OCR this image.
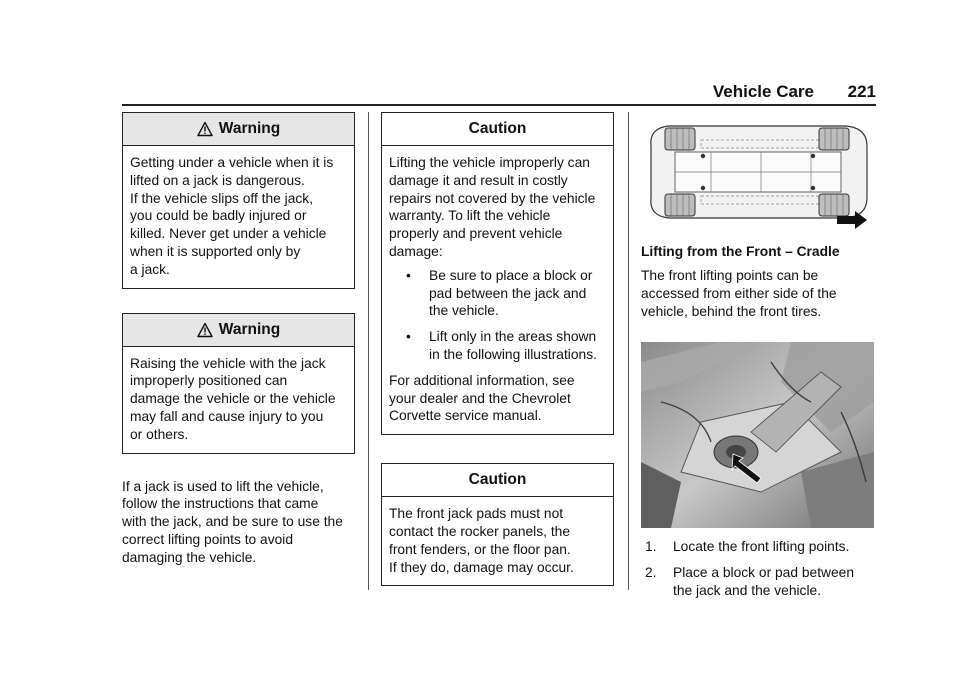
Vehicle Care 221
Warning

Getting under a vehicle when it is
lifted on a jack is dangerous.
If the vehicle slips off the jack,
you could be badly injured or
killed. Never get under a vehicle
when it is supported only by
a jack.

Warning

Raising the vehicle with the jack
improperly positioned can
damage the vehicle or the vehicle
may fall and cause injury to you
or others.

If a jack is used to lift the vehicle,
follow the instructions that came
with the jack, and be sure to use the
correct lifting points to avoid
damaging the vehicle.

Caution

Lifting the vehicle improperly can
damage it and result in costly
repairs not covered by the vehicle
warranty. To lift the vehicle
properly and prevent vehicle
damage:

• Be sure to place a block or
pad between the jack and
the vehicle.
• Lift only in the areas shown
in the following illustrations.

For additional information, see
your dealer and the Chevrolet
Corvette service manual.

Caution

The front jack pads must not
contact the rocker panels, the
front fenders, or the floor pan.
If they do, damage may occur.

Lifting from the Front – Cradle

The front lifting points can be
accessed from either side of the
vehicle, behind the front tires.

1. Locate the front lifting points.
2. Place a block or pad between
the jack and the vehicle.
